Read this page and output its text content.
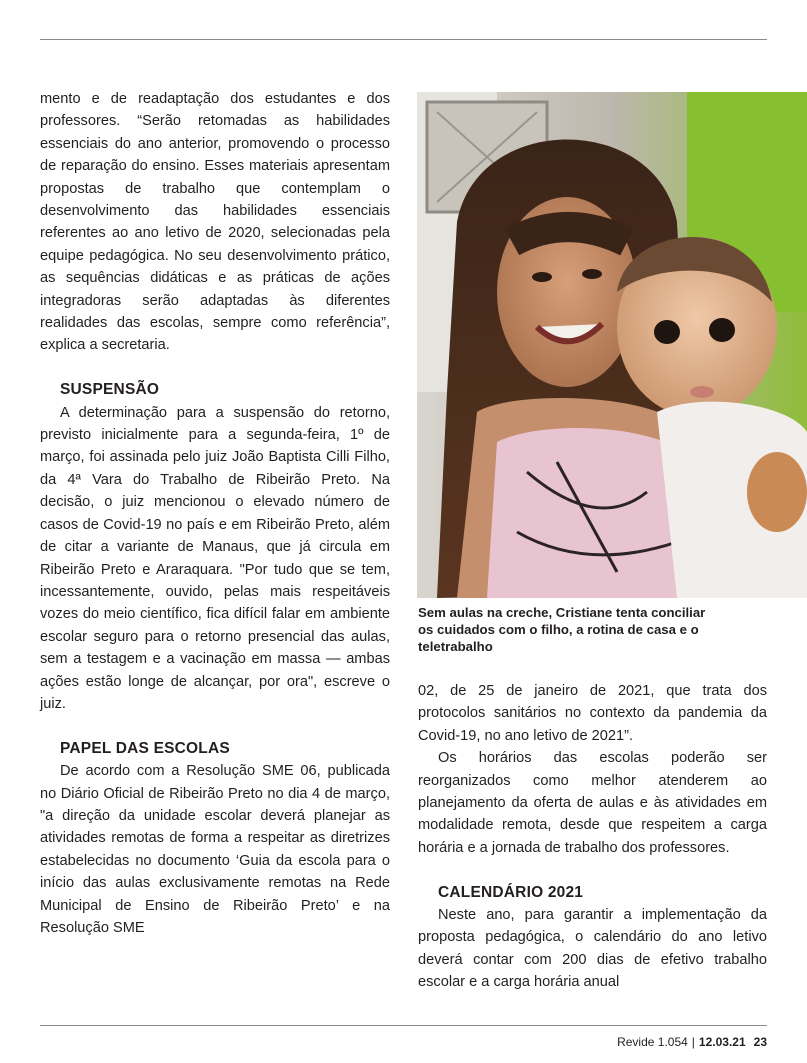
mento e de readaptação dos estudantes e dos professores. “Serão retomadas as habilidades essenciais do ano anterior, promovendo o processo de reparação do ensino. Esses materiais apresentam propostas de trabalho que contemplam o desenvolvimento das habilidades essenciais referentes ao ano letivo de 2020, selecionadas pela equipe pedagógica. No seu desenvolvimento prático, as sequências didáticas e as práticas de ações integradoras serão adaptadas às diferentes realidades das escolas, sempre como referência”, explica a secretaria.

SUSPENSÃO

A determinação para a suspensão do retorno, previsto inicialmente para a segunda-feira, 1º de março, foi assinada pelo juiz João Baptista Cilli Filho, da 4ª Vara do Trabalho de Ribeirão Preto. Na decisão, o juiz mencionou o elevado número de casos de Covid-19 no país e em Ribeirão Preto, além de citar a variante de Manaus, que já circula em Ribeirão Preto e Araraquara. "Por tudo que se tem, incessantemente, ouvido, pelas mais respeitáveis vozes do meio científico, fica difícil falar em ambiente escolar seguro para o retorno presencial das aulas, sem a testagem e a vacinação em massa — ambas ações estão longe de alcançar, por ora", escreve o juiz.

PAPEL DAS ESCOLAS

De acordo com a Resolução SME 06, publicada no Diário Oficial de Ribeirão Preto no dia 4 de março, "a direção da unidade escolar deverá planejar as atividades remotas de forma a respeitar as diretrizes estabelecidas no documento ‘Guia da escola para o início das aulas exclusivamente remotas na Rede Municipal de Ensino de Ribeirão Preto’ e na Resolução SME

Sem aulas na creche, Cristiane tenta conciliar os cuidados com o filho, a rotina de casa e o teletrabalho

02, de 25 de janeiro de 2021, que trata dos protocolos sanitários no contexto da pandemia da Covid-19, no ano letivo de 2021”.

Os horários das escolas poderão ser reorganizados como melhor atenderem ao planejamento da oferta de aulas e às atividades em modalidade remota, desde que respeitem a carga horária e a jornada de trabalho dos professores.

CALENDÁRIO 2021

Neste ano, para garantir a implementação da proposta pedagógica, o calendário do ano letivo deverá contar com 200 dias de efetivo trabalho escolar e a carga horária anual

Revide 1.054 | 12.03.21 23
